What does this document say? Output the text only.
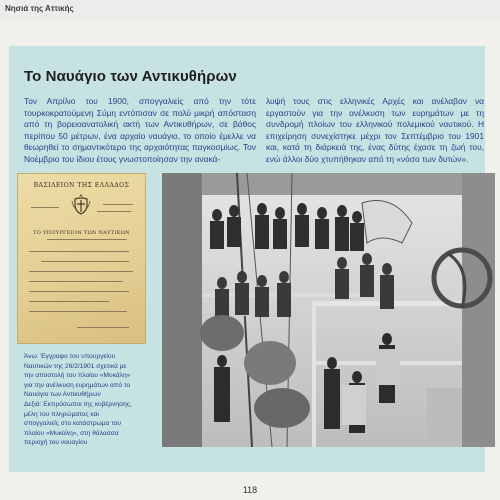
Νησιά της Αττικής
Το Ναυάγιο των Αντικυθήρων
Τον Απρίλιο του 1900, σπογγαλιείς από την τότε τουρκοκρατούμενη Σύμη εντόπισαν σε πολύ μικρή απόσταση από τη βορειοανατολική ακτή των Αντικυθήρων, σε βάθος περίπου 50 μέτρων, ένα αρχαίο ναυάγιο, το οποίο έμελλε να θεωρηθεί το σημαντικότερο της αρχαιότητας παγκοσμίως. Τον Νοέμβριο του ίδιου έτους γνωστοποίησαν την ανακά-
λυψή τους στις ελληνικές Αρχές και ανέλαβαν να εργαστούν για την ανέλκυση των ευρημάτων με τη συνδρομή πλοίων του ελληνικού πολεμικού ναυτικού. Η επιχείρηση συνεχίστηκε μέχρι τον Σεπτέμβριο του 1901 και, κατά τη διάρκειά της, ένας δύτης έχασε τη ζωή του, ενώ άλλοι δύο χτυπήθηκαν από τη «νόσο των δυτών».
ΒΑΣΙΛΕΙΟΝ ΤΗΣ ΕΛΛΑΔΟΣ
ΤΟ ΥΠΟΥΡΓΕΙΟΝ ΤΩΝ ΝΑΥΤΙΚΩΝ
Άνω: Έγγραφο του υπουργείου
Ναυτικών της 26/2/1901 σχετικά με
την αποστολή του πλοίου «Μυκάλη»
για την ανέλκυση ευρημάτων από το
Ναυάγιο των Αντικυθήρων
Δεξιά: Εκπρόσωποι της κυβέρνησης,
μέλη του πληρώματος και
σπογγαλιείς στο κατάστρωμα του
πλοίου «Μυκάλη», στη θάλασσα
περιοχή του ναυαγίου
118
